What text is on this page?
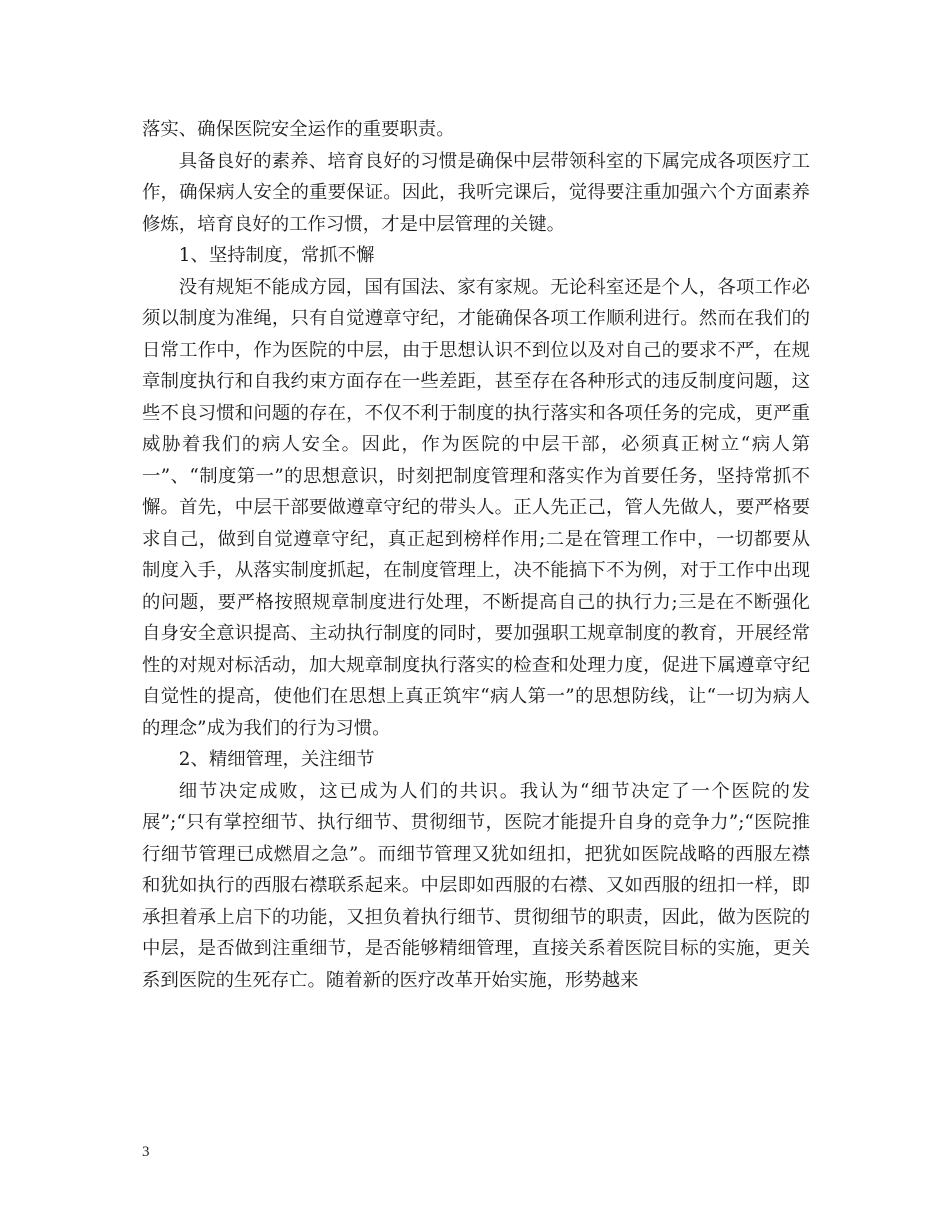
落实、确保医院安全运作的重要职责。

具备良好的素养、培育良好的习惯是确保中层带领科室的下属完成各项医疗工作，确保病人安全的重要保证。因此，我听完课后，觉得要注重加强六个方面素养修炼，培育良好的工作习惯，才是中层管理的关键。

1、坚持制度，常抓不懈

没有规矩不能成方园，国有国法、家有家规。无论科室还是个人，各项工作必须以制度为准绳，只有自觉遵章守纪，才能确保各项工作顺利进行。然而在我们的日常工作中，作为医院的中层，由于思想认识不到位以及对自己的要求不严，在规章制度执行和自我约束方面存在一些差距，甚至存在各种形式的违反制度问题，这些不良习惯和问题的存在，不仅不利于制度的执行落实和各项任务的完成，更严重威胁着我们的病人安全。因此，作为医院的中层干部，必须真正树立“病人第一”、“制度第一”的思想意识，时刻把制度管理和落实作为首要任务，坚持常抓不懈。首先，中层干部要做遵章守纪的带头人。正人先正己，管人先做人，要严格要求自己，做到自觉遵章守纪，真正起到榜样作用;二是在管理工作中，一切都要从制度入手，从落实制度抓起，在制度管理上，决不能搞下不为例，对于工作中出现的问题，要严格按照规章制度进行处理，不断提高自己的执行力;三是在不断强化自身安全意识提高、主动执行制度的同时，要加强职工规章制度的教育，开展经常性的对规对标活动，加大规章制度执行落实的检查和处理力度，促进下属遵章守纪自觉性的提高，使他们在思想上真正筑牢“病人第一”的思想防线，让“一切为病人的理念”成为我们的行为习惯。

2、精细管理，关注细节

细节决定成败，这已成为人们的共识。我认为“细节决定了一个医院的发展”;“只有掌控细节、执行细节、贯彻细节，医院才能提升自身的竞争力”;“医院推行细节管理已成燃眉之急”。而细节管理又犹如纽扣，把犹如医院战略的西服左襟和犹如执行的西服右襟联系起来。中层即如西服的右襟、又如西服的纽扣一样，即承担着承上启下的功能，又担负着执行细节、贯彻细节的职责，因此，做为医院的中层，是否做到注重细节，是否能够精细管理，直接关系着医院目标的实施，更关系到医院的生死存亡。随着新的医疗改革开始实施，形势越来

3
